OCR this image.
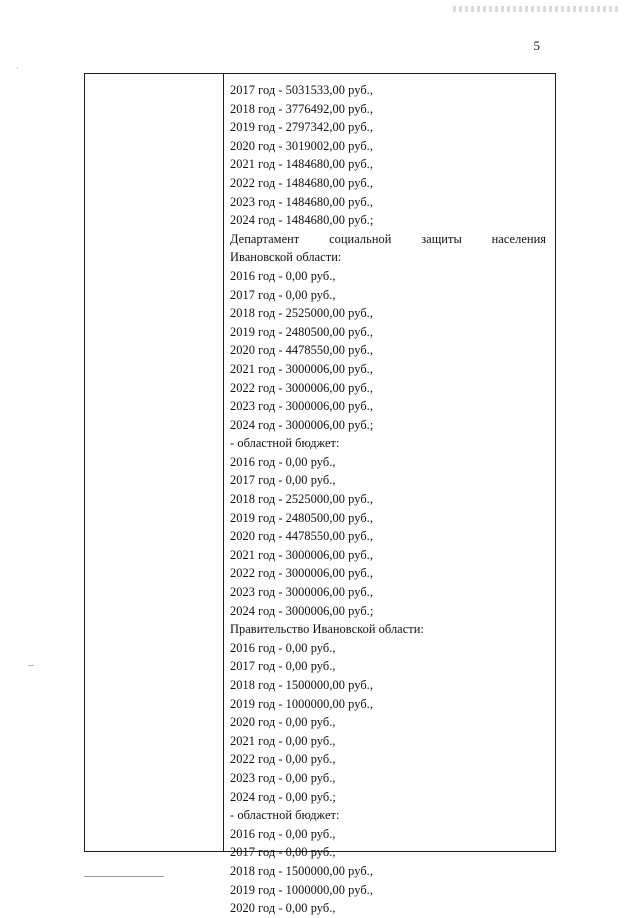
·
5
2017 год - 5031533,00 руб.,
2018 год - 3776492,00 руб.,
2019 год - 2797342,00 руб.,
2020 год - 3019002,00 руб.,
2021 год - 1484680,00 руб.,
2022 год - 1484680,00 руб.,
2023 год - 1484680,00 руб.,
2024 год - 1484680,00 руб.;
Департамент социальной защиты населения
Ивановской области:
2016 год - 0,00 руб.,
2017 год - 0,00 руб.,
2018 год - 2525000,00 руб.,
2019 год - 2480500,00 руб.,
2020 год - 4478550,00 руб.,
2021 год - 3000006,00 руб.,
2022 год - 3000006,00 руб.,
2023 год - 3000006,00 руб.,
2024 год - 3000006,00 руб.;
- областной бюджет:
2016 год - 0,00 руб.,
2017 год - 0,00 руб.,
2018 год - 2525000,00 руб.,
2019 год - 2480500,00 руб.,
2020 год - 4478550,00 руб.,
2021 год - 3000006,00 руб.,
2022 год - 3000006,00 руб.,
2023 год - 3000006,00 руб.,
2024 год - 3000006,00 руб.;
Правительство Ивановской области:
2016 год - 0,00 руб.,
2017 год - 0,00 руб.,
2018 год - 1500000,00 руб.,
2019 год - 1000000,00 руб.,
2020 год - 0,00 руб.,
2021 год - 0,00 руб.,
2022 год - 0,00 руб.,
2023 год - 0,00 руб.,
2024 год - 0,00 руб.;
- областной бюджет:
2016 год - 0,00 руб.,
2017 год - 0,00 руб.,
2018 год - 1500000,00 руб.,
2019 год - 1000000,00 руб.,
2020 год - 0,00 руб.,
